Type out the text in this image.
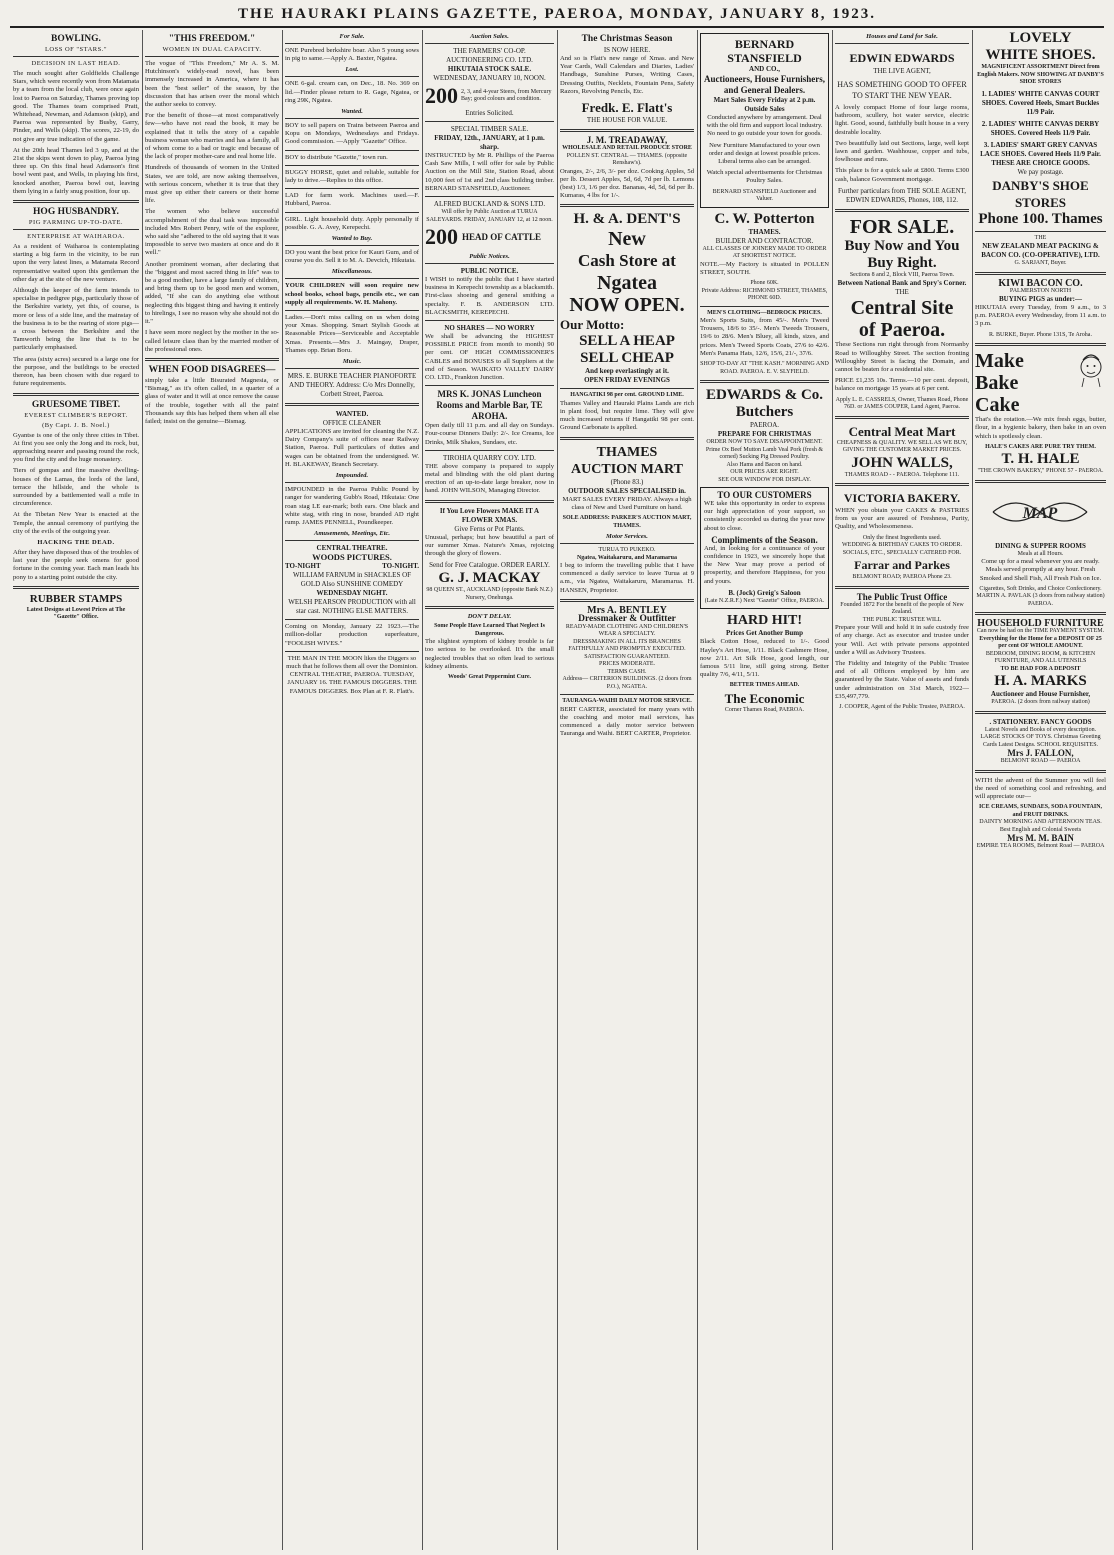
THE HAURAKI PLAINS GAZETTE, PAEROA, MONDAY, JANUARY 8, 1923.
BOWLING.
LOSS OF "STARS."
DECISION IN LAST HEAD.

The much sought after Goldfields Challenge Stars, which were recently won from Matamata by a team from the local club, were once again lost to Paeroa on Saturday, Thames proving top good. The Thames team comprised Pratt, Whitehead, Newman, and Adamson (skip), and Paeroa was represented by Busby, Garry, Pinder, and Wells (skip). The scores, 22-19, do not give any true indication of the game.

At the 20th head Thames led 3 up, and at the 21st the skips went down to play, Paeroa lying three up. On this final head Adamson's first bowl went past, and Wells, in playing his first, knocked another, Paeroa bowl out, leaving them lying in a fairly snug position, four up.

HOG HUSBANDRY.
PIG FARMING UP-TO-DATE.
ENTERPRISE AT WAIHAROA.

As a resident of Waiharoa is contemplating starting a big farm in the vicinity, to be run upon the very latest lines, a Matamata Record representative waited upon this gentleman the other day at the site of the new venture.

Although the keeper of the farm intends to specialise in pedigree pigs, particularly those of the Berkshire variety, yet this, of course, is more or less of a side line, and the mainstay of the business is to be the rearing of store pigs—a cross between the Berkshire and the Tamworth being the line that is to be particularly emphasised.

The area (sixty acres) secured is a large one for the purpose, and the buildings to be erected thereon, has been chosen with due regard to future requirements.

GRUESOME TIBET.
EVEREST CLIMBER'S REPORT.
(By Capt. J. B. Noel.)

Gyantse is one of the only three cities in Tibet. At first you see only the Jong and its rock, but, approaching nearer and passing round the rock, you find the city and the huge monastery.

Tiers of gompas and fine massive dwelling-houses of the Lamas, the lords of the land, terrace the hillside, and the whole is surrounded by a battlemented wall a mile in circumference.

At the Tibetan New Year is enacted at the Temple, the annual ceremony of purifying the city of the evils of the outgoing year.

HACKING THE DEAD.

After they have disposed thus of the troubles of last year the people seek omens for good fortune in the coming year. Each man leads his pony to a starting point outside the city.

RUBBER STAMPS
Latest Designs at Lowest Prices at The "Gazette" Office.
"THIS FREEDOM."
WOMEN IN DUAL CAPACITY.

The vogue of "This Freedom," Mr A. S. M. Hutchinson's widely-read novel, has been immensely increased in America, where it has been the "best seller" of the season, by the discussion that has arisen over the moral which the author seeks to convey.

For the benefit of those—at most comparatively few—who have not read the book, it may be explained that it tells the story of a capable business woman who marries and has a family, all of whom come to a bad or tragic end because of the lack of proper mother-care and real home life.

Hundreds of thousands of women in the United States, we are told, are now asking themselves, with serious concern, whether it is true that they must give up either their careers or their home life.

The women who believe successful accomplishment of the dual task was impossible included Mrs Robert Penry, wife of the explorer, who said she "adhered to the old saying that it was impossible to serve two masters at once and do it well."

Another prominent woman, after declaring that the "biggest and most sacred thing in life" was to be a good mother, have a large family of children, and bring them up to be good men and women, added, "If she can do anything else without neglecting this biggest thing and having it entirely to hirelings, I see no reason why she should not do it."

I have seen more neglect by the mother in the so-called leisure class than by the married mother of the professional ones.

WHEN FOOD DISAGREES—

simply take a little Bisurated Magnesia, or "Bismag," as it's often called, in a quarter of a glass of water and it will at once remove the cause of the trouble, together with all the pain! Thousands say this has helped them when all else failed; insist on the genuine—Bismag.

For Sale.

ONE Purebred berkshire boar. Also 5 young sows in pig to same.—Apply A. Baxter, Ngatea.

Lost.

ONE 6-gal. cream can, on Dec., 18. No. 369 on lid.—Finder please return to R. Gage, Ngatea, or ring 29K, Ngatea.

Wanted.

BOY to sell papers on Trains between Paeroa and Kopu on Mondays, Wednesdays and Fridays. Good commission. —Apply "Gazette" Office.

BOY to distribute "Gazette," town run.

BUGGY HORSE, quiet and reliable, suitable for lady to drive.—Replies to this office.

LAD for farm work. Machines used.—F. Hubbard, Paeroa.

GIRL. Light household duty. Apply personally if possible. G. A. Avey, Kerepechi.

Wanted to Buy.

DO you want the best price for Kauri Gum, and of course you do. Sell it to M. A. Devcich, Hikutaia.

Miscellaneous.

YOUR CHILDREN will soon require new school books, school bags, pencils etc., we can supply all requirements. W. H. Mahony.

Ladies.—Don't miss calling on us when doing your Xmas. Shopping. Smart Stylish Goods at Reasonable Prices—Serviceable and Acceptable Xmas. Presents.—Mrs J. Maingay, Draper, Thames opp. Brian Boru.

Music.
MRS. E. BURKE TEACHER PIANOFORTE AND THEORY. Address: C/o Mrs Donnelly, Corbett Street, Paeroa.
WANTED.
OFFICE CLEANER

APPLICATIONS are invited for cleaning the N.Z. Dairy Company's suite of offices near Railway Station, Paeroa. Full particulars of duties and wages can be obtained from the undersigned. W. H. BLAKEWAY, Branch Secretary.

Impounded.

IMPOUNDED in the Paeroa Public Pound by ranger for wandering Gubb's Road, Hikutaia: One roan stag LE ear-mark; both ears. One black and white stag, with ring in nose, branded AD right rump. JAMES PENNELL, Poundkeeper.

Amusements, Meetings, Etc.
CENTRAL THEATRE.
WOODS PICTURES.
TO-NIGHT	TO-NIGHT.
WILLIAM FARNUM in SHACKLES OF GOLD Also SUNSHINE COMEDY
WEDNESDAY NIGHT.
WELSH PEARSON PRODUCTION with all star cast. NOTHING ELSE MATTERS.

Coming on Monday, January 22 1923.—The million-dollar production superfeature, "FOOLISH WIVES."

THE MAN IN THE MOON likes the Diggers so much that he follows them all over the Dominion. CENTRAL THEATRE, PAEROA. TUESDAY, JANUARY 16. THE FAMOUS DIGGERS. THE FAMOUS DIGGERS. Box Plan at F. R. Flatt's.

Auction Sales.
THE FARMERS' CO-OP. AUCTIONEERING CO. LTD.
HIKUTAIA STOCK SALE.
WEDNESDAY, JANUARY 10, NOON.
200 2, 3, and 4-year Steers, from Mercury Bay; good colours and condition.
Entries Solicited.
SPECIAL TIMBER SALE.
FRIDAY, 12th., JANUARY, at 1 p.m. sharp.

INSTRUCTED by Mr R. Phillips of the Paeroa Cash Saw Mills, I will offer for sale by Public Auction on the Mill Site, Station Road, about 10,000 feet of 1st and 2nd class building timber. BERNARD STANSFIELD, Auctioneer.

ALFRED BUCKLAND & SONS LTD.
Will offer by Public Auction at TURUA SALEYARDS. FRIDAY, JANUARY 12, at 12 noon.
200 HEAD OF CATTLE
Public Notices.
PUBLIC NOTICE.

I WISH to notify the public that I have started business in Kerepechi township as a blacksmith. First-class shoeing and general smithing a specialty. F. B. ANDERSON LTD. BLACKSMITH, KEREPECHI.

NO SHARES — NO WORRY

We shall be advancing the HIGHEST POSSIBLE PRICE from month to month) 90 per cent. OF HIGH COMMISSIONER'S CABLES and BONUSES to all Suppliers at the end of Season. WAIKATO VALLEY DAIRY CO. LTD., Frankton Junction.

MRS K. JONAS Luncheon Rooms and Marble Bar, TE AROHA.

Open daily till 11 p.m. and all day on Sundays. Four-course Dinners Daily: 2/-. Ice Creams, Ice Drinks, Milk Shakes, Sundaes, etc.

TIROHIA QUARRY COY. LTD.

THE above company is prepared to supply metal and blinding with the old plant during erection of an up-to-date large breaker, now in hand. JOHN WILSON, Managing Director.

If You Love Flowers MAKE IT A FLOWER XMAS.
Give Ferns or Pot Plants.

Unusual, perhaps; but how beautiful a part of our summer Xmas. Nature's Xmas, rejoicing through the glory of flowers.

Send for Free Catalogue. ORDER EARLY.
G. J. MACKAY
98 QUEEN ST., AUCKLAND (opposite Bank N.Z.) Nursery, Onehunga.
DON'T DELAY.
Some People Have Learned That Neglect Is Dangerous.

The slightest symptom of kidney trouble is far too serious to be overlooked. It's the small neglected troubles that so often lead to serious kidney ailments.

Woods' Great Peppermint Cure.
The Christmas Season
IS NOW HERE.

And so is Flatt's new range of Xmas. and New Year Cards, Wall Calendars and Diaries, Ladies' Handbags, Sunshine Purses, Writing Cases, Dressing Outfits, Necklets, Fountain Pens, Safety Razors, Revolving Pencils, Etc.

Fredk. E. Flatt's
THE HOUSE FOR VALUE.
J. M. TREADAWAY,
WHOLESALE AND RETAIL PRODUCE STORE
POLLEN ST. CENTRAL — THAMES. (opposite Renshaw's).

Oranges, 2/-, 2/6, 3/- per doz. Cooking Apples, 5d per lb. Dessert Apples, 5d, 6d, 7d per lb. Lemons (best) 1/3, 1/6 per doz. Bananas, 4d, 5d, 6d per lb. Kumaras, 4 lbs for 1/-.

H. & A. DENT'S
New
Cash Store at
Ngatea
NOW OPEN.
Our Motto:
SELL A HEAP
SELL CHEAP
And keep everlastingly at it.
OPEN FRIDAY EVENINGS
HANGATIKI 98 per cent. GROUND LIME.

Thames Valley and Hauraki Plains Lands are rich in plant food, but require lime. They will give much increased returns if Hangatiki 98 per cent. Ground Carbonate is applied.

THAMES
AUCTION MART
(Phone 83.)
OUTDOOR SALES SPECIALISED in.

MART SALES EVERY FRIDAY. Always a high class of New and Used Furniture on hand.

SOLE ADDRESS: PARKER'S AUCTION MART, THAMES.
Motor Services.
TURUA TO PUKEKO.
Ngatea, Waitakaruru, and Maramarua

I beg to inform the travelling public that I have commenced a daily service to leave Turua at 9 a.m., via Ngatea, Waitakaruru, Maramarua. H. HANSEN, Proprietor.

Mrs A. BENTLEY
Dressmaker & Outfitter
READY-MADE CLOTHING AND CHILDREN'S WEAR A SPECIALTY.
DRESSMAKING IN ALL ITS BRANCHES FAITHFULLY AND PROMPTLY EXECUTED.
SATISFACTION GUARANTEED.
PRICES MODERATE.
TERMS CASH.
Address— CRITERION BUILDINGS. (2 doors from P.O.), NGATEA.
TAURANGA-WAIHI DAILY MOTOR SERVICE.

BERT CARTER, associated for many years with the coaching and motor mail services, has commenced a daily motor service between Tauranga and Waihi. BERT CARTER, Proprietor.

BERNARD STANSFIELD
AND CO.,
Auctioneers, House Furnishers, and General Dealers.
Mart Sales Every Friday at 2 p.m.
Outside Sales

Conducted anywhere by arrangement. Deal with the old firm and support local industry. No need to go outside your town for goods.

New Furniture Manufactured to your own order and design at lowest possible prices. Liberal terms also can be arranged.

Watch special advertisements for Christmas Poultry Sales.

BERNARD STANSFIELD Auctioneer and Valuer.
C. W. Potterton
THAMES.
BUILDER AND CONTRACTOR.
ALL CLASSES OF JOINERY MADE TO ORDER AT SHORTEST NOTICE.

NOTE.—My Factory is situated in POLLEN STREET, SOUTH.

Phone 60K.
Private Address: RICHMOND STREET, THAMES, PHONE 60D.
MEN'S CLOTHING—BEDROCK PRICES.

Men's Sports Suits, from 45/-. Men's Tweed Trousers, 18/6 to 35/-. Men's Tweeds Trousers, 19/6 to 28/6. Men's Bluey, all kinds, sizes, and prices. Men's Tweed Sports Coats, 27/6 to 42/6. Men's Panama Hats, 12/6, 15/6, 21/-, 37/6.

SHOP TO-DAY AT "THE KASH." MORNING AND ROAD. PAEROA. E. V. SLYFIELD.
EDWARDS & Co.
Butchers
PAEROA.
PREPARE FOR CHRISTMAS
ORDER NOW TO SAVE DISAPPOINTMENT.
Prime Ox Beef Mutton Lamb Veal Pork (fresh & corned) Sucking Pig Dressed Poultry.
Also Hams and Bacon on hand.
OUR PRICES ARE RIGHT.
SEE OUR WINDOW FOR DISPLAY.
TO OUR CUSTOMERS

WE take this opportunity in order to express our high appreciation of your support, so consistently accorded us during the year now about to close.

Compliments of the Season.

And, in looking for a continuance of your confidence in 1923, we sincerely hope that the New Year may prove a period of prosperity, and therefore Happiness, for you and yours.

B. (Jock) Greig's Saloon
(Late N.Z.R.F.) Next "Gazette" Office, PAEROA.
HARD HIT!
Prices Get Another Bump

Black Cotton Hose, reduced to 1/-. Good Hayley's Art Hose, 1/11. Black Cashmere Hose, now 2/11. Art Silk Hose, good length, our famous 5/11 line, still going strong. Better quality 7/6, 4/11, 5/11.

BETTER TIMES AHEAD.
The Economic
Corner Thames Road, PAEROA.
Houses and Land for Sale.
EDWIN EDWARDS
THE LIVE AGENT,
HAS SOMETHING GOOD TO OFFER TO START THE NEW YEAR.

A lovely compact Home of four large rooms, bathroom, scullery, hot water service, electric light. Good, sound, faithfully built house in a very desirable locality.

Two beautifully laid out Sections, large, well kept lawn and garden. Washhouse, copper and tubs, fowlhouse and runs.

This place is for a quick sale at £800. Terms £300 cash, balance Government mortgage.

Further particulars from THE SOLE AGENT, EDWIN EDWARDS, Phones, 108, 112.
FOR SALE.
Buy Now and You
Buy Right.
Sections 8 and 2, Block VIII, Paeroa Town.
Between National Bank and Spry's Corner.
THE
Central Site
of Paeroa.

These Sections run right through from Normanby Road to Willoughby Street. The section fronting Willoughby Street is facing the Domain, and cannot be beaten for a residential site.

PRICE £1,235 10s. Terms.—10 per cent. deposit, balance on mortgage 15 years at 6 per cent.

Apply L. E. CASSRELS, Owner, Thames Road, Phone 76D. or JAMES COUPER, Land Agent, Paeroa.
Central Meat Mart
CHEAPNESS & QUALITY. WE SELL AS WE BUY, GIVING THE CUSTOMER MARKET PRICES.
JOHN WALLS,
THAMES ROAD - - PAEROA. Telephone 111.
VICTORIA BAKERY.

WHEN you obtain your CAKES & PASTRIES from us your are assured of Freshness, Purity, Quality, and Wholesomeness.

Only the finest Ingredients used.
WEDDING & BIRTHDAY CAKES TO ORDER.
SOCIALS, ETC., SPECIALLY CATERED FOR.
Farrar and Parkes
BELMONT ROAD; PAEROA Phone 23.
The Public Trust Office
Founded 1872 For the benefit of the people of New Zealand.
THE PUBLIC TRUSTEE WILL

Prepare your Will and hold it in safe custody free of any charge. Act as executor and trustee under your Will. Act with private persons appointed under a Will as Advisory Trustees.

The Fidelity and Integrity of the Public Trustee and of all Officers employed by him are guaranteed by the State. Value of assets and funds under administration on 31st March, 1922—£35,497,779.

J. COOPER, Agent of the Public Trustee, PAEROA.
LOVELY
WHITE SHOES.
MAGNIFICENT ASSORTMENT Direct from English Makers. NOW SHOWING AT DANBY'S SHOE STORES
1. LADIES' WHITE CANVAS COURT SHOES. Covered Heels, Smart Buckles 11/9 Pair.
2. LADIES' WHITE CANVAS DERBY SHOES. Covered Heels 11/9 Pair.
3. LADIES' SMART GREY CANVAS LACE SHOES. Covered Heels 11/9 Pair.
THESE ARE CHOICE GOODS.
We pay postage.
DANBY'S SHOE STORES
Phone 100. Thames
THE
NEW ZEALAND MEAT PACKING & BACON CO. (CO-OPERATIVE), LTD.
G. SARJANT, Buyer.
KIWI BACON CO.
PALMERSTON NORTH
BUYING PIGS as under:—

HIKUTAIA every Tuesday, from 9 a.m., to 3 p.m. PAEROA every Wednesday, from 11 a.m. to 3 p.m.

R. BURKE, Buyer. Phone 131S, Te Aroha.
Make
Bake
Cake

That's the rotation.—We mix fresh eggs, butter, flour, in a hygienic bakery, then bake in an oven which is spotlessly clean.

HALE'S CAKES ARE PURE TRY THEM.
T. H. HALE
"THE CROWN BAKERY," PHONE 57 - PAEROA.
MAP
DINING & SUPPER ROOMS
Meals at all Hours.

Come up for a meal whenever you are ready. Meals served promptly at any hour. Fresh Smoked and Shell Fish, All Fresh Fish on Ice.

Cigarettes, Soft Drinks, and Choice Confectionery.
MARTIN A. PAVLAK (3 doors from railway station) PAEROA.
HOUSEHOLD FURNITURE
Can now be had on the TIME PAYMENT SYSTEM.
Everything for the Home for a DEPOSIT OF 25 per cent OF WHOLE AMOUNT.
BEDROOM, DINING ROOM, & KITCHEN FURNITURE, AND ALL UTENSILS
TO BE HAD FOR A DEPOSIT
H. A. MARKS
Auctioneer and House Furnisher,
PAEROA. (2 doors from railway station)
. STATIONERY. FANCY GOODS
Latest Novels and Books of every description.
LARGE STOCKS OF TOYS. Christmas Greeting Cards Latest Designs. SCHOOL REQUISITES.
Mrs J. FALLON,
BELMONT ROAD — PAEROA

WITH the advent of the Summer you will feel the need of something cool and refreshing, and will appreciate our—

ICE CREAMS, SUNDAES, SODA FOUNTAIN, and FRUIT DRINKS.
DAINTY MORNING AND AFTERNOON TEAS. Best English and Colonial Sweets
Mrs M. M. BAIN
EMPIRE TEA ROOMS, Belmont Road — PAEROA
